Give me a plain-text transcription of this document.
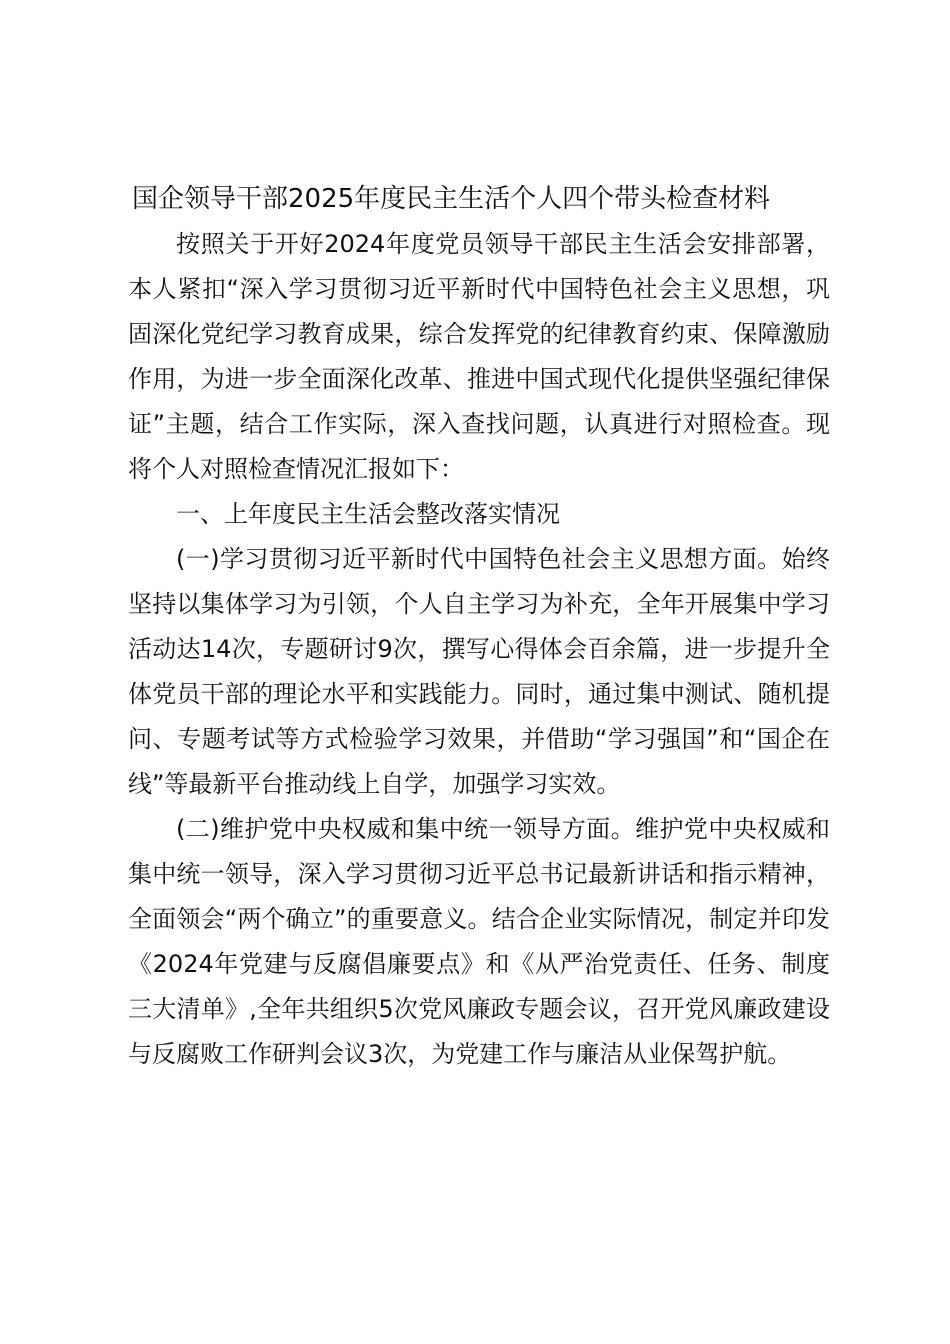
国企领导干部2025年度民主生活个人四个带头检查材料

按照关于开好2024年度党员领导干部民主生活会安排部署，本人紧扣“深入学习贯彻习近平新时代中国特色社会主义思想，巩固深化党纪学习教育成果，综合发挥党的纪律教育约束、保障激励作用，为进一步全面深化改革、推进中国式现代化提供坚强纪律保证”主题，结合工作实际，深入查找问题，认真进行对照检查。现将个人对照检查情况汇报如下：

一、上年度民主生活会整改落实情况

(一)学习贯彻习近平新时代中国特色社会主义思想方面。始终坚持以集体学习为引领，个人自主学习为补充，全年开展集中学习活动达14次，专题研讨9次，撰写心得体会百余篇，进一步提升全体党员干部的理论水平和实践能力。同时，通过集中测试、随机提问、专题考试等方式检验学习效果，并借助“学习强国”和“国企在线”等最新平台推动线上自学，加强学习实效。

(二)维护党中央权威和集中统一领导方面。维护党中央权威和集中统一领导，深入学习贯彻习近平总书记最新讲话和指示精神，全面领会“两个确立”的重要意义。结合企业实际情况，制定并印发《2024年党建与反腐倡廉要点》和《从严治党责任、任务、制度三大清单》,全年共组织5次党风廉政专题会议，召开党风廉政建设与反腐败工作研判会议3次，为党建工作与廉洁从业保驾护航。
